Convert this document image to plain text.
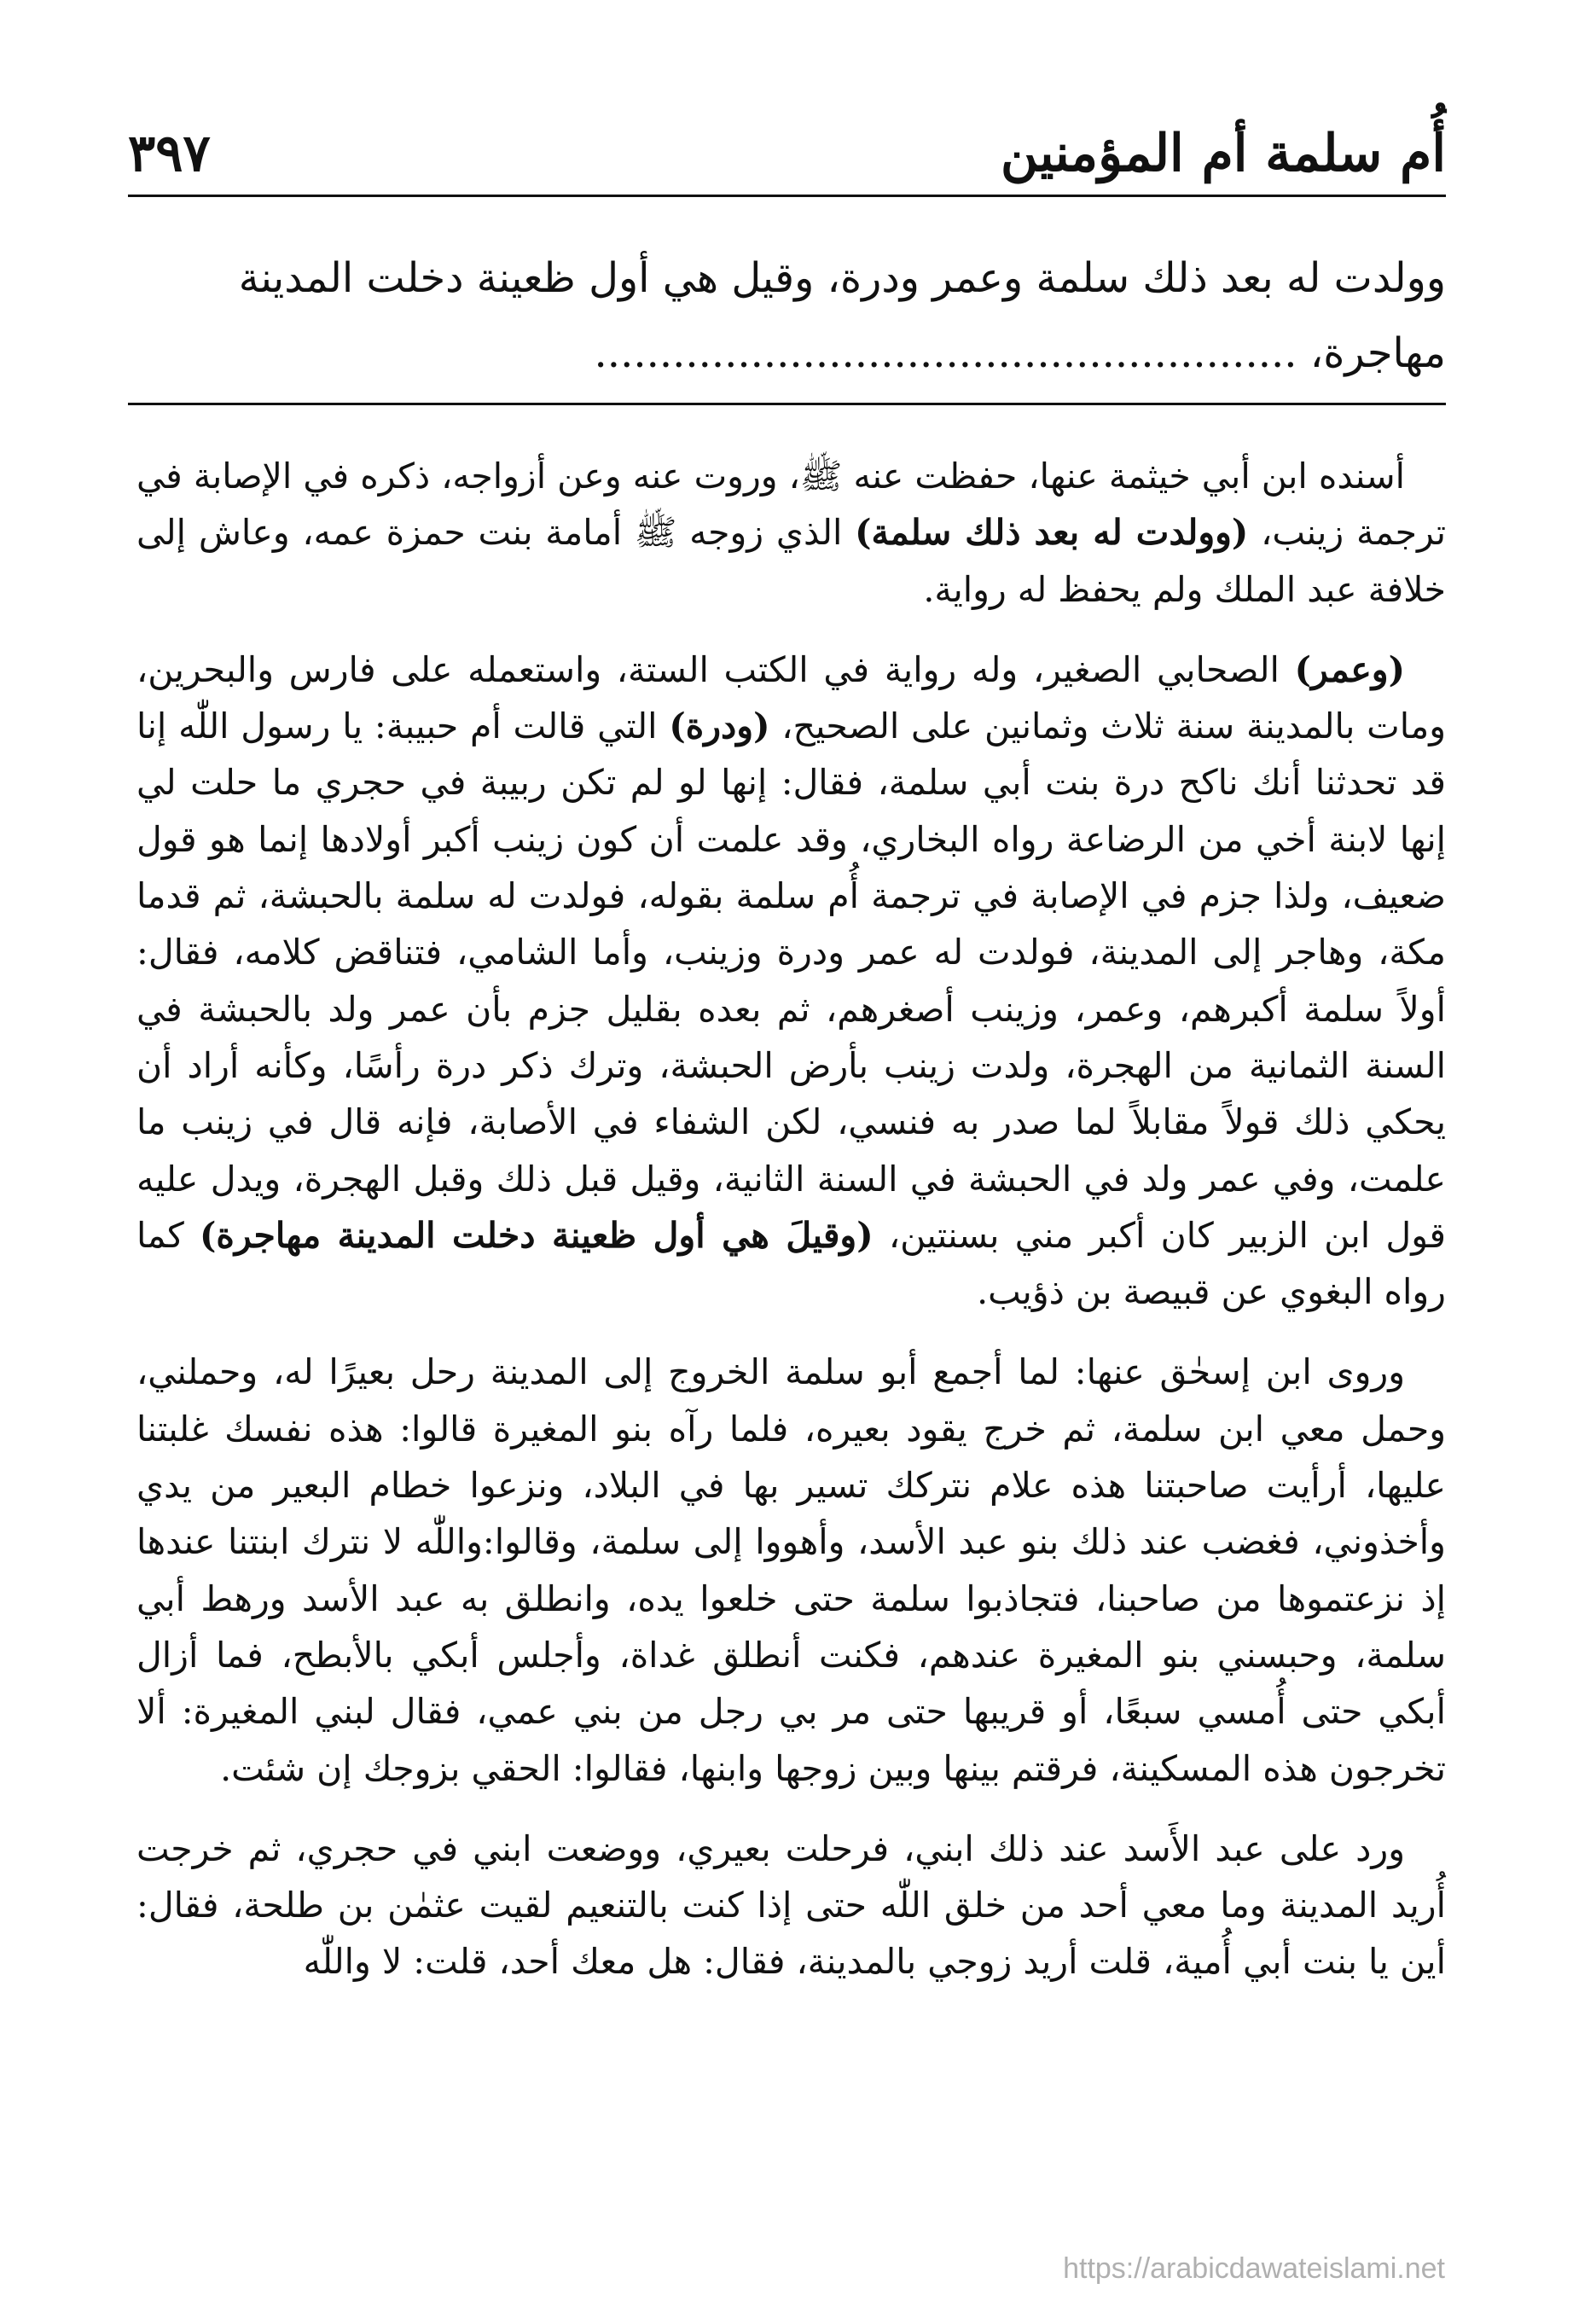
أُم سلمة أم المؤمنين
٣٩٧
وولدت له بعد ذلك سلمة وعمر ودرة، وقيل هي أول ظعينة دخلت المدينة
مهاجرة، ......................................................

أسنده ابن أبي خيثمة عنها، حفظت عنه ﷺ، وروت عنه وعن أزواجه، ذكره في الإصابة في ترجمة زينب، (وولدت له بعد ذلك سلمة) الذي زوجه ﷺ أمامة بنت حمزة عمه، وعاش إلى خلافة عبد الملك ولم يحفظ له رواية.

(وعمر) الصحابي الصغير، وله رواية في الكتب الستة، واستعمله على فارس والبحرين، ومات بالمدينة سنة ثلاث وثمانين على الصحيح، (ودرة) التي قالت أم حبيبة: يا رسول اللّٰه إنا قد تحدثنا أنك ناكح درة بنت أبي سلمة، فقال: إنها لو لم تكن ربيبة في حجري ما حلت لي إنها لابنة أخي من الرضاعة رواه البخاري، وقد علمت أن كون زينب أكبر أولادها إنما هو قول ضعيف، ولذا جزم في الإصابة في ترجمة أُم سلمة بقوله، فولدت له سلمة بالحبشة، ثم قدما مكة، وهاجر إلى المدينة، فولدت له عمر ودرة وزينب، وأما الشامي، فتناقض كلامه، فقال: أولاً سلمة أكبرهم، وعمر، وزينب أصغرهم، ثم بعده بقليل جزم بأن عمر ولد بالحبشة في السنة الثمانية من الهجرة، ولدت زينب بأرض الحبشة، وترك ذكر درة رأسًا، وكأنه أراد أن يحكي ذلك قولاً مقابلاً لما صدر به فنسي، لكن الشفاء في الأصابة، فإنه قال في زينب ما علمت، وفي عمر ولد في الحبشة في السنة الثانية، وقيل قبل ذلك وقبل الهجرة، ويدل عليه قول ابن الزبير كان أكبر مني بسنتين، (وقيلَ هي أول ظعينة دخلت المدينة مهاجرة) كما رواه البغوي عن قبيصة بن ذؤيب.

وروى ابن إسحٰق عنها: لما أجمع أبو سلمة الخروج إلى المدينة رحل بعيرًا له، وحملني، وحمل معي ابن سلمة، ثم خرج يقود بعيره، فلما رآه بنو المغيرة قالوا: هذه نفسك غلبتنا عليها، أرأيت صاحبتنا هذه علام نتركك تسير بها في البلاد، ونزعوا خطام البعير من يدي وأخذوني، فغضب عند ذلك بنو عبد الأسد، وأهووا إلى سلمة، وقالوا:واللّٰه لا نترك ابنتنا عندها إذ نزعتموها من صاحبنا، فتجاذبوا سلمة حتى خلعوا يده، وانطلق به عبد الأسد ورهط أبي سلمة، وحبسني بنو المغيرة عندهم، فكنت أنطلق غداة، وأجلس أبكي بالأبطح، فما أزال أبكي حتى أُمسي سبعًا، أو قريبها حتى مر بي رجل من بني عمي، فقال لبني المغيرة: ألا تخرجون هذه المسكينة، فرقتم بينها وبين زوجها وابنها، فقالوا: الحقي بزوجك إن شئت.

ورد على عبد الأَسد عند ذلك ابني، فرحلت بعيري، ووضعت ابني في حجري، ثم خرجت أُريد المدينة وما معي أحد من خلق اللّٰه حتى إذا كنت بالتنعيم لقيت عثمٰن بن طلحة، فقال: أين يا بنت أبي أُمية، قلت أريد زوجي بالمدينة، فقال: هل معك أحد، قلت: لا واللّٰه

https://arabicdawateislami.net
